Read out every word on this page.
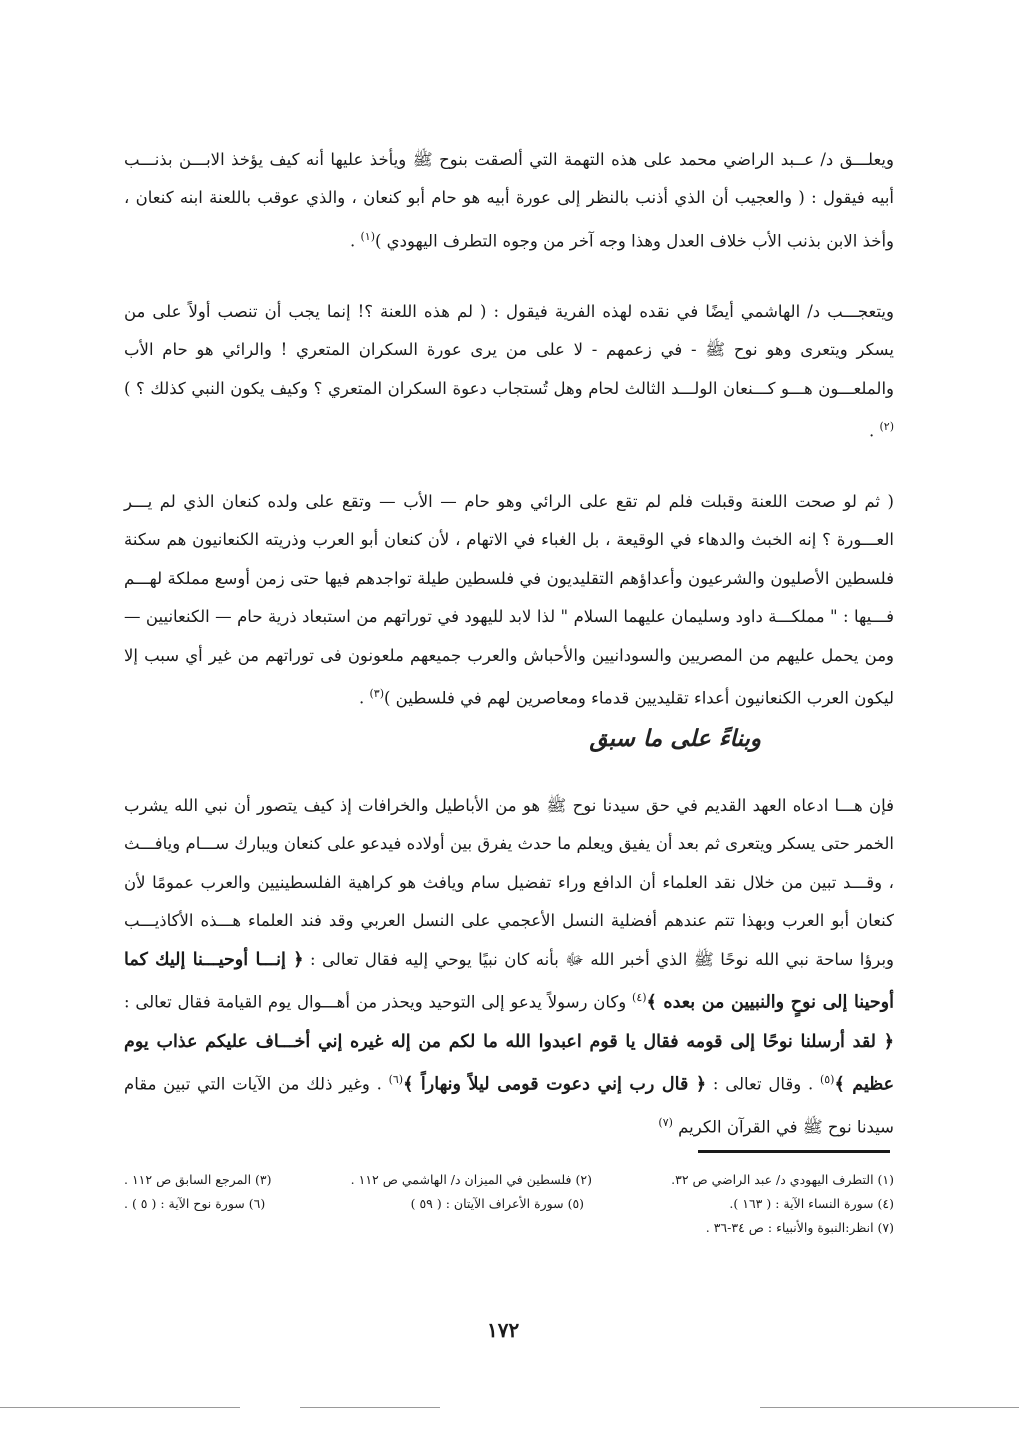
ويعلـــق د/ عــبد الراضي محمد على هذه التهمة التي ألصقت بنوح ﷺ ويأخذ عليها أنه كيف يؤخذ الابـــن بذنـــب أبيه فيقول : ( والعجيب أن الذي أذنب بالنظر إلى عورة أبيه هو حام أبو كنعان ، والذي عوقب باللعنة ابنه كنعان ، وأخذ الابن بذنب الأب خلاف العدل وهذا وجه آخر من وجوه التطرف اليهودي )$^{(١)}$ .

ويتعجـــب د/ الهاشمي أيضًا في نقده لهذه الفرية فيقول : ( لم هذه اللعنة ؟! إنما يجب أن تنصب أولاً على من يسكر ويتعرى وهو نوح ﷺ - في زعمهم - لا على من يرى عورة السكران المتعري ! والرائي هو حام الأب والملعـــون هـــو كـــنعان الولـــد الثالث لحام وهل تُستجاب دعوة السكران المتعري ؟ وكيف يكون النبي كذلك ؟ )$^{(٢)}$ .

( ثم لو صحت اللعنة وقبلت فلم لم تقع على الرائي وهو حام — الأب — وتقع على ولده كنعان الذي لم يـــر العـــورة ؟ إنه الخبث والدهاء في الوقيعة ، بل الغباء في الاتهام ، لأن كنعان أبو العرب وذريته الكنعانيون هم سكنة فلسطين الأصليون والشرعيون وأعداؤهم التقليديون في فلسطين طيلة تواجدهم فيها حتى زمن أوسع مملكة لهـــم فـــيها : " مملكـــة داود وسليمان عليهما السلام " لذا لابد لليهود في توراتهم من استبعاد ذرية حام — الكنعانيين — ومن يحمل عليهم من المصريين والسودانيين والأحباش والعرب جميعهم ملعونون فى توراتهم من غير أي سبب إلا ليكون العرب الكنعانيون أعداء تقليديين قدماء ومعاصرين لهم في فلسطين )$^{(٣)}$ .

وبناءً على ما سبق

فإن هـــا ادعاه العهد القديم في حق سيدنا نوح ﷺ هو من الأباطيل والخرافات إذ كيف يتصور أن نبي الله يشرب الخمر حتى يسكر ويتعرى ثم بعد أن يفيق ويعلم ما حدث يفرق بين أولاده فيدعو على كنعان ويبارك ســـام ويافـــث ، وقـــد تبين من خلال نقد العلماء أن الدافع وراء تفضيل سام ويافث هو كراهية الفلسطينيين والعرب عمومًا لأن كنعان أبو العرب وبهذا تتم عندهم أفضلية النسل الأعجمي على النسل العربي وقد فند العلماء هـــذه الأكاذيـــب وبرؤا ساحة نبي الله نوحًا ﷺ الذي أخبر الله ﷻ بأنه كان نبيًا يوحي إليه فقال تعالى : ﴿ إنـــا أوحيـــنا إليك كما أوحينا إلى نوحٍ والنبيين من بعده ﴾$^{(٤)}$ وكان رسولاً يدعو إلى التوحيد ويحذر من أهـــوال يوم القيامة فقال تعالى : ﴿ لقد أرسلنا نوحًا إلى قومه فقال يا قوم اعبدوا الله ما لكم من إله غيره إني أخـــاف عليكم عذاب يوم عظيم ﴾$^{(٥)}$ . وقال تعالى : ﴿ قال رب إني دعوت قومى ليلاً ونهاراً ﴾$^{(٦)}$ . وغير ذلك من الآيات التي تبين مقام سيدنا نوح ﷺ في القرآن الكريم $^{(٧)}$

(١) التطرف اليهودي د/ عبد الراضي ص ٣٢.
(٢) فلسطين في الميزان د/ الهاشمي ص ١١٢ .
(٣) المرجع السابق ص ١١٢ .
(٤) سورة النساء الآية : ( ١٦٣ ).
(٥) سورة الأعراف الآيتان : ( ٥٩ )
(٦) سورة نوح الآية : ( ٥ ) .
(٧) انظر:النبوة والأنبياء : ص ٣٤-٣٦ .
١٧٢
